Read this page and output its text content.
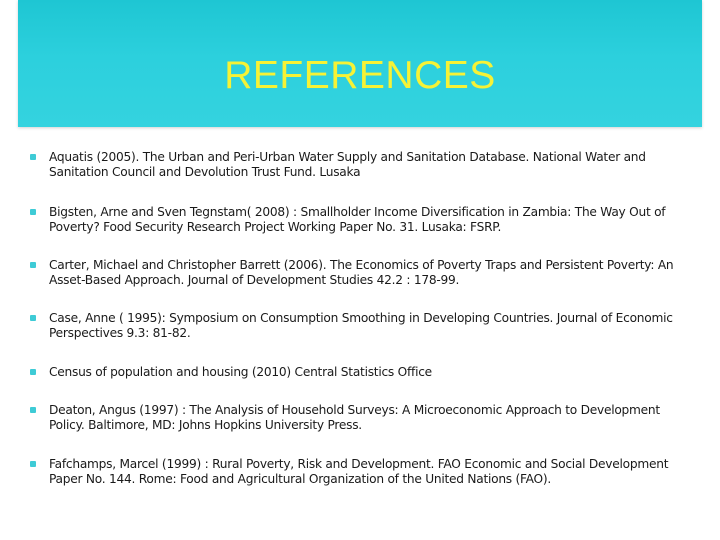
REFERENCES
Aquatis (2005). The Urban and Peri-Urban Water Supply and Sanitation Database. National Water and Sanitation Council and Devolution Trust Fund. Lusaka
Bigsten, Arne and Sven Tegnstam( 2008) : Smallholder Income Diversification in Zambia: The Way Out of Poverty? Food Security Research Project Working Paper No. 31. Lusaka: FSRP.
Carter, Michael and Christopher Barrett (2006). The Economics of Poverty Traps and Persistent Poverty: An Asset-Based Approach. Journal of Development Studies 42.2 : 178-99.
Case, Anne ( 1995): Symposium on Consumption Smoothing in Developing Countries. Journal of Economic Perspectives 9.3: 81-82.
Census of population and housing (2010) Central Statistics Office
Deaton, Angus (1997) : The Analysis of Household Surveys: A Microeconomic Approach to Development Policy. Baltimore, MD: Johns Hopkins University Press.
Fafchamps, Marcel (1999) : Rural Poverty, Risk and Development. FAO Economic and Social Development Paper No. 144. Rome: Food and Agricultural Organization of the United Nations (FAO).
